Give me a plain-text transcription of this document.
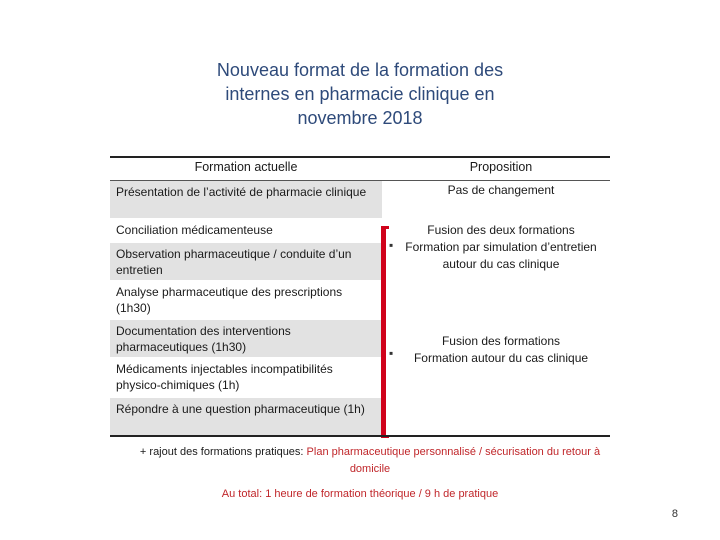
Nouveau format de la formation des
internes en pharmacie clinique en
novembre 2018
Formation actuelle	Proposition
Présentation de l’activité de pharmacie clinique
Conciliation médicamenteuse
Observation pharmaceutique / conduite d’un entretien
Analyse pharmaceutique des prescriptions (1h30)
Documentation des interventions pharmaceutiques (1h30)
Médicaments injectables incompatibilités physico-chimiques (1h)
Répondre à une question pharmaceutique (1h)
▪
▪
Pas de changement
Fusion des deux formations
Formation par simulation d’entretien autour du cas clinique
Fusion des formations
Formation autour du cas clinique
+ rajout des formations pratiques: Plan pharmaceutique personnalisé / sécurisation du retour à domicile
Au total: 1 heure de formation théorique / 9 h de pratique
8
